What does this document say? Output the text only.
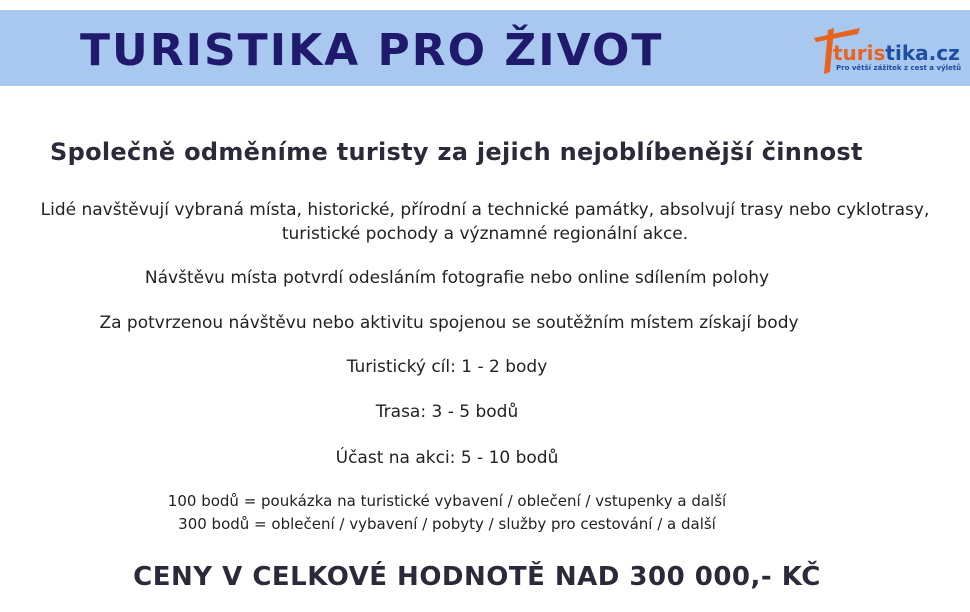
TURISTIKA PRO ŽIVOT	turistika.cz
Pro větší zážitek z cest a výletů
Společně odměníme turisty za jejich nejoblíbenější činnost
Lidé navštěvují vybraná místa, historické, přírodní a technické památky, absolvují trasy nebo cyklotrasy,
turistické pochody a významné regionální akce.
Návštěvu místa potvrdí odesláním fotografie nebo online sdílením polohy
Za potvrzenou návštěvu nebo aktivitu spojenou se soutěžním místem získají body
Turistický cíl: 1 - 2 body
Trasa: 3 - 5 bodů
Účast na akci: 5 - 10 bodů
100 bodů = poukázka na turistické vybavení / oblečení / vstupenky a další
300 bodů = oblečení / vybavení / pobyty / služby pro cestování / a další
CENY V CELKOVÉ HODNOTĚ NAD 300 000,- KČ
